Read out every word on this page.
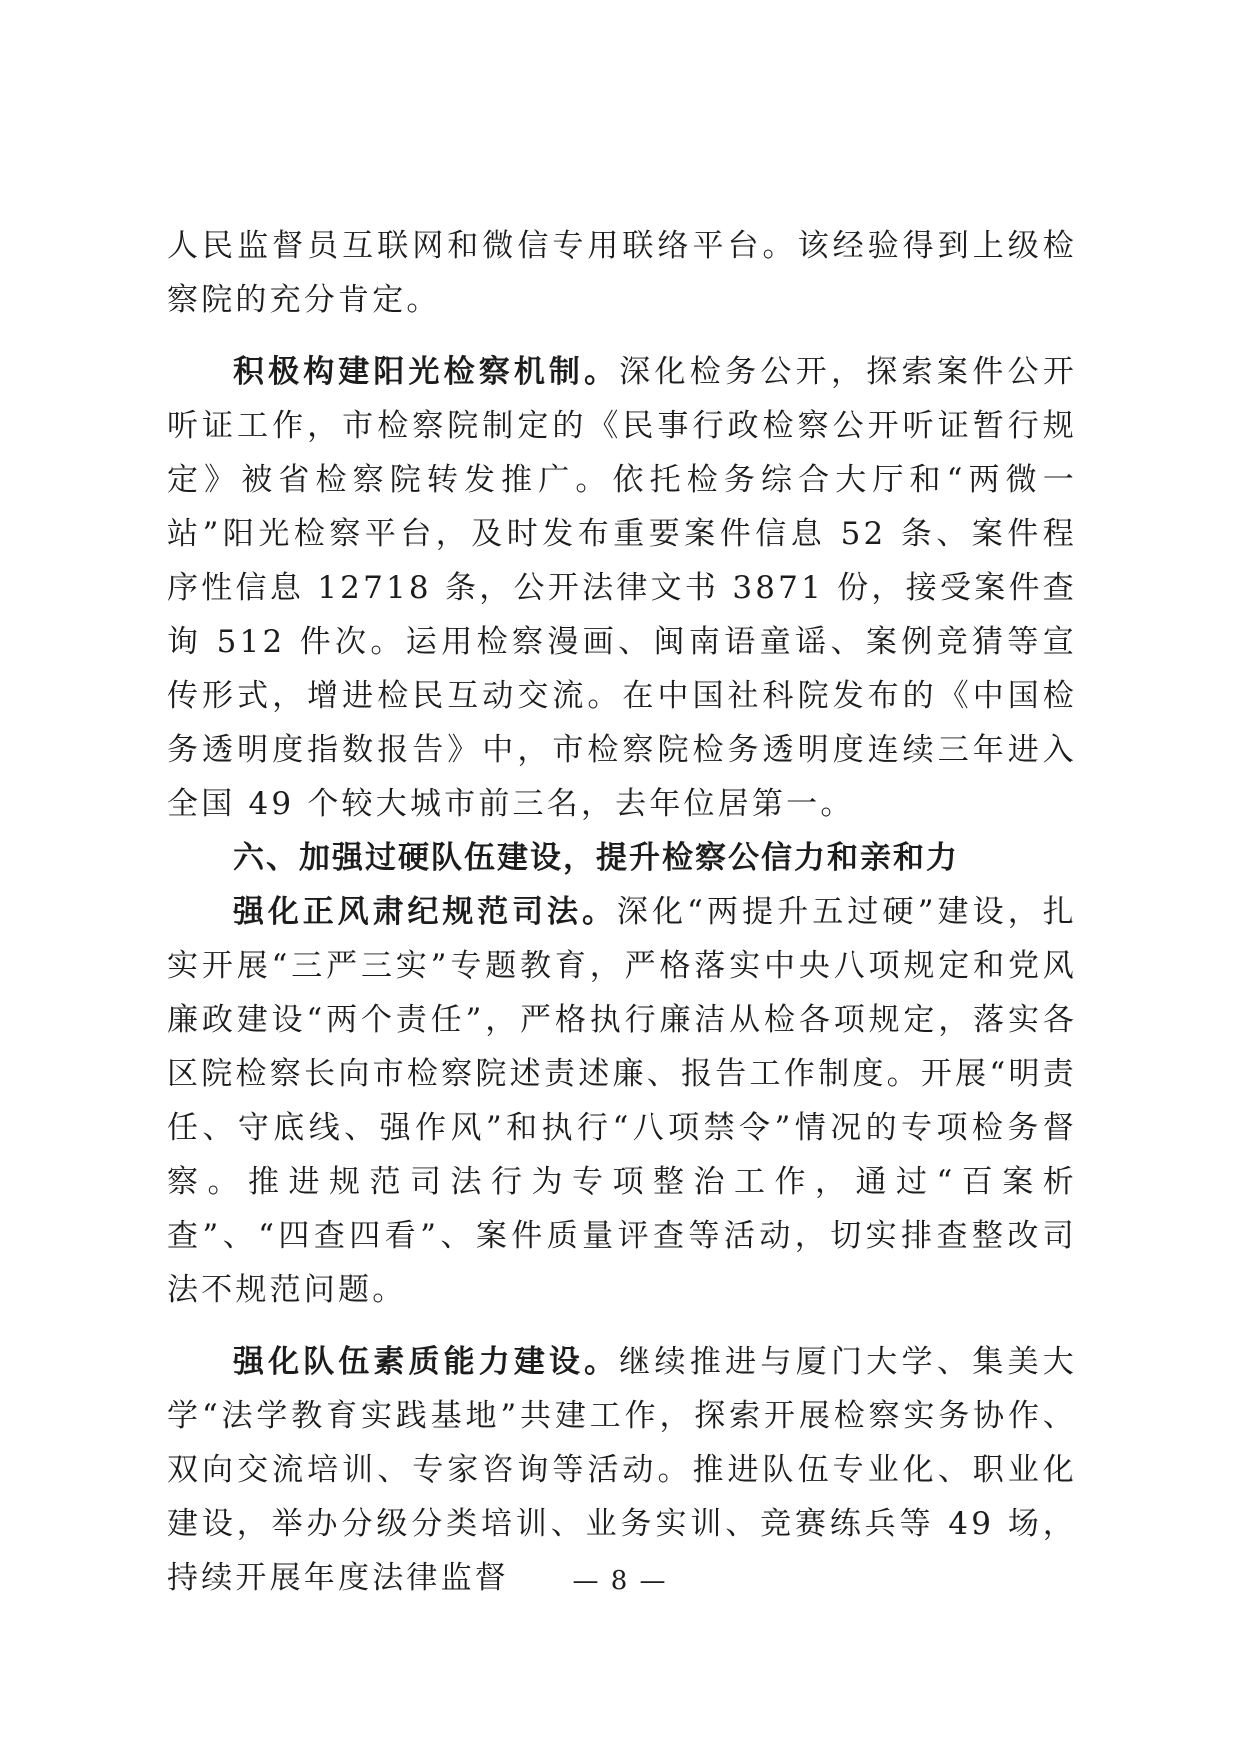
人民监督员互联网和微信专用联络平台。该经验得到上级检察院的充分肯定。

积极构建阳光检察机制。深化检务公开，探索案件公开听证工作，市检察院制定的《民事行政检察公开听证暂行规定》被省检察院转发推广。依托检务综合大厅和“两微一站”阳光检察平台，及时发布重要案件信息 52 条、案件程序性信息 12718 条，公开法律文书 3871 份，接受案件查询 512 件次。运用检察漫画、闽南语童谣、案例竞猜等宣传形式，增进检民互动交流。在中国社科院发布的《中国检务透明度指数报告》中，市检察院检务透明度连续三年进入全国 49 个较大城市前三名，去年位居第一。

六、加强过硬队伍建设，提升检察公信力和亲和力

强化正风肃纪规范司法。深化“两提升五过硬”建设，扎实开展“三严三实”专题教育，严格落实中央八项规定和党风廉政建设“两个责任”，严格执行廉洁从检各项规定，落实各区院检察长向市检察院述责述廉、报告工作制度。开展“明责任、守底线、强作风”和执行“八项禁令”情况的专项检务督察。推进规范司法行为专项整治工作，通过“百案析查”、“四查四看”、案件质量评查等活动，切实排查整改司法不规范问题。

强化队伍素质能力建设。继续推进与厦门大学、集美大学“法学教育实践基地”共建工作，探索开展检察实务协作、双向交流培训、专家咨询等活动。推进队伍专业化、职业化建设，举办分级分类培训、业务实训、竞赛练兵等 49 场，持续开展年度法律监督	— 8 —
